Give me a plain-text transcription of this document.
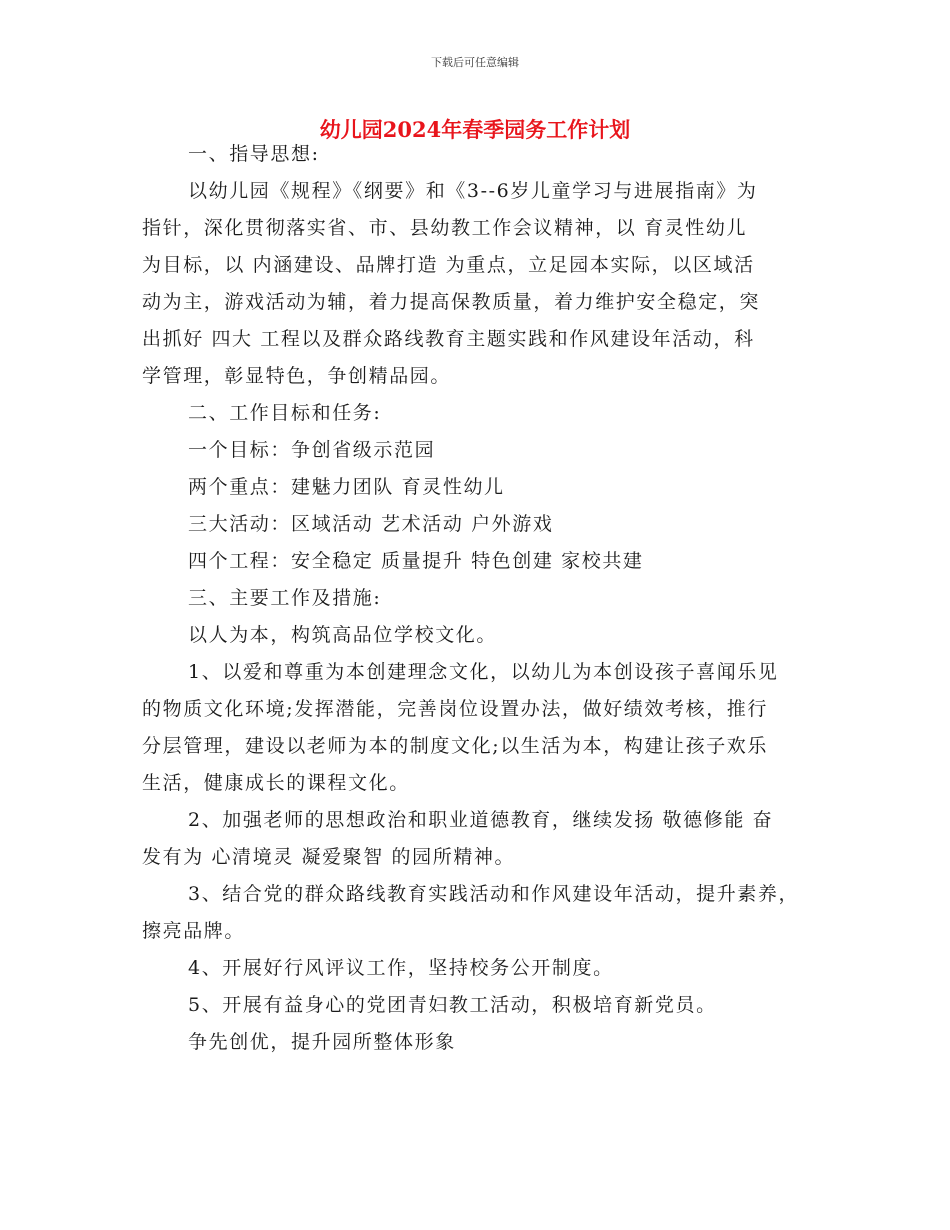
下载后可任意编辑
幼儿园2024年春季园务工作计划
一、指导思想:
以幼儿园《规程》《纲要》和《3--6岁儿童学习与进展指南》为
指针，深化贯彻落实省、市、县幼教工作会议精神，以 育灵性幼儿
为目标，以 内涵建设、品牌打造 为重点，立足园本实际，以区域活
动为主，游戏活动为辅，着力提高保教质量，着力维护安全稳定，突
出抓好 四大 工程以及群众路线教育主题实践和作风建设年活动，科
学管理，彰显特色，争创精品园。
二、工作目标和任务:
一个目标：争创省级示范园
两个重点：建魅力团队 育灵性幼儿
三大活动：区域活动 艺术活动 户外游戏
四个工程：安全稳定 质量提升 特色创建 家校共建
三、主要工作及措施:
以人为本，构筑高品位学校文化。
1、以爱和尊重为本创建理念文化，以幼儿为本创设孩子喜闻乐见
的物质文化环境;发挥潜能，完善岗位设置办法，做好绩效考核，推行
分层管理，建设以老师为本的制度文化;以生活为本，构建让孩子欢乐
生活，健康成长的课程文化。
2、加强老师的思想政治和职业道德教育，继续发扬 敬德修能 奋
发有为 心清境灵 凝爱聚智 的园所精神。
3、结合党的群众路线教育实践活动和作风建设年活动，提升素养，
擦亮品牌。
4、开展好行风评议工作，坚持校务公开制度。
5、开展有益身心的党团青妇教工活动，积极培育新党员。
争先创优，提升园所整体形象
